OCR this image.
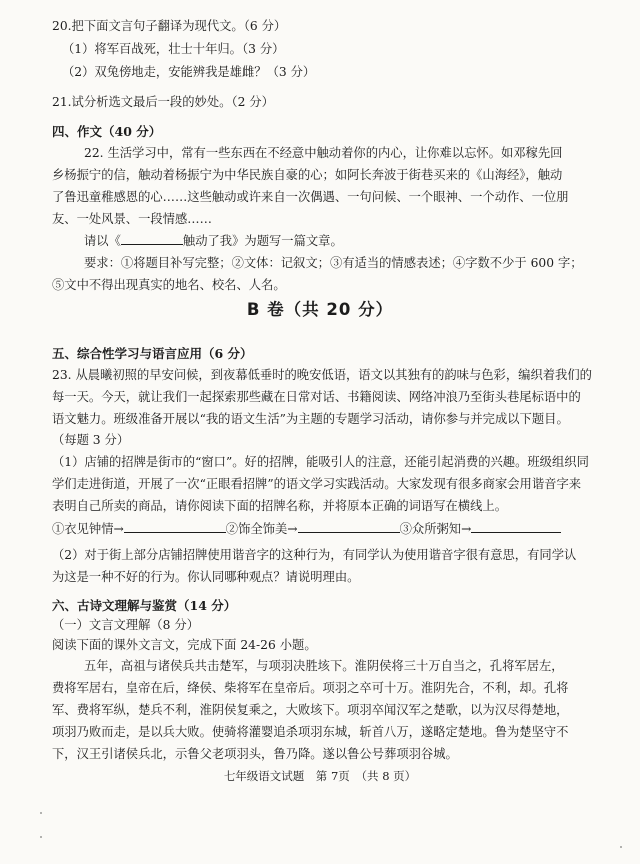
20.把下面文言句子翻译为现代文。（6 分）
（1）将军百战死，壮士十年归。（3 分）
（2）双兔傍地走，安能辨我是雄雌？（3 分）
21.试分析选文最后一段的妙处。（2 分）
四、作文（40 分）
22. 生活学习中，常有一些东西在不经意中触动着你的内心，让你难以忘怀。如邓稼先回
乡杨振宁的信，触动着杨振宁为中华民族自豪的心；如阿长奔波于街巷买来的《山海经》，触动
了鲁迅童稚感恩的心……这些触动或许来自一次偶遇、一句问候、一个眼神、一个动作、一位朋
友、一处风景、一段情感……
请以《	触动了我》为题写一篇文章。
要求：①将题目补写完整；②文体：记叙文；③有适当的情感表述；④字数不少于 600 字；
⑤文中不得出现真实的地名、校名、人名。
B 卷（共 20 分）
五、综合性学习与语言应用（6 分）
23. 从晨曦初照的早安问候，到夜幕低垂时的晚安低语，语文以其独有的韵味与色彩，编织着我们的
每一天。今天，就让我们一起探索那些藏在日常对话、书籍阅读、网络冲浪乃至街头巷尾标语中的
语文魅力。班级准备开展以“我的语文生活”为主题的专题学习活动，请你参与并完成以下题目。
（每题 3 分）
（1）店铺的招牌是街市的“窗口”。好的招牌，能吸引人的注意，还能引起消费的兴趣。班级组织同
学们走进街道，开展了一次“正眼看招牌”的语文学习实践活动。大家发现有很多商家会用谐音字来
表明自己所卖的商品，请你阅读下面的招牌名称，并将原本正确的词语写在横线上。
①衣见钟情→	②饰全饰美→	③众所粥知→
（2）对于街上部分店铺招牌使用谐音字的这种行为，有同学认为使用谐音字很有意思，有同学认
为这是一种不好的行为。你认同哪种观点？请说明理由。
六、古诗文理解与鉴赏（14 分）
（一）文言文理解（8 分）
阅读下面的课外文言文，完成下面 24-26 小题。
五年，高祖与诸侯兵共击楚军，与项羽决胜垓下。淮阴侯将三十万自当之，孔将军居左，
费将军居右，皇帝在后，绛侯、柴将军在皇帝后。项羽之卒可十万。淮阴先合，不利，却。孔将
军、费将军纵，楚兵不利，淮阴侯复乘之，大败垓下。项羽卒闻汉军之楚歌，以为汉尽得楚地，
项羽乃败而走，是以兵大败。使骑将灌婴追杀项羽东城，斩首八万，遂略定楚地。鲁为楚坚守不
下，汉王引诸侯兵北，示鲁父老项羽头，鲁乃降。遂以鲁公号葬项羽谷城。
七年级语文试题　第 7页　（共 8 页）
